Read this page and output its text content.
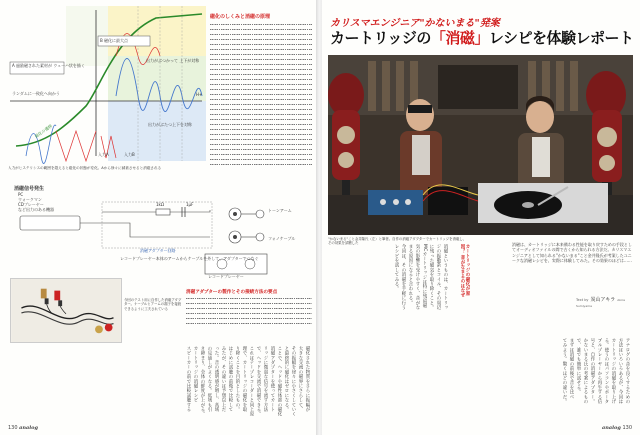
A 過励磁された素材が ウェーハ状を描く
B 磁化に最大点
ランダムに一致化へ向かう
出力がぶつかって 上下が対称
出力がぶたつ上下を対称
H+
入力A	入力B
磁化の遷移
磁化のしくみと消磁の原理
入力がヒステリシスの範囲を超えると磁化の状態が変化。Aから徐々に減衰させると消磁される
消磁信号発生
PC
ウォークマン
CDプレーヤー
など出力のある機器
1kΩ	1μF
トーンアーム
フォノケーブル
消磁アダプター回路
レコードプレーヤー
レコードプレーヤー本体のアームからケーブルを外して、アダプターでつなぐ
今回のテスト用に自作した消磁アダプター。ケーブルとアームの端子を接続できるように工夫されている
消磁アダプターの製作とその接続方法の要点
磁化された物質をさらに振幅が
大きな交流の磁界にさらして、
その振幅を徐々に小さくしていく
と最終的に磁化はゼロになる。
ことで、ヘッドや磁性体部の磁化
消磁アダプターを使ってカート
リッジに微弱な信号を流す方法
で、ヘッドを交流で消磁できる。
これはテープレコーダーと同じ原
理で、カートリッジの磁化を取
り除くことを目的としたもの。
はじめに試聴の前後で比較して
みたが、その違いは予想以上だ
った。音の透明感が増し、高域
の見通しがよくなる。低域も引
き締まり、全体の鮮度が上がる。
カートリッジの消磁レシピ
スピーカーの前で比較試聴する
130 analog
カリスマエンジニア"かないまる"発案
カートリッジの「消磁」レシピを体験レポート
"かないまる"こと金井隆氏（左）と筆者。自作の消磁アダプターでカートリッジを消磁し、その効果を試聴した
カートリッジの磁化が原因？ 音がなまるのはなぜ	消磁は、カートリッジに本来備わる性能を取り戻すための手段としてオーディオファイルの間で古くから知られる方法だ。カリスマエンジニアとして知られる"かないまる"こと金井隆氏が考案したユニークな消磁レシピを、実際に体験してみた。その効果のほどは……
Text by 炭山アキラ Akira Sumiyama
消磁というものは、カートリッ
ジの振動系とコイル、その周辺
に残った磁気を取り除くこと。
MCカートリッジは特に残留磁
気の影響を受けやすく、音がな
まる原因になると言われる。
今回は、その消磁を手軽に行う
レシピを試してみる。
アナログの音を良くするための
方法はいろいろあるが、今回は
カートリッジの消磁を取り上げ
る。使うのはパソコンやポータ
ブルプレーヤーから再生する信
号と、自作の消磁アダプター。
かないまる氏の考案によるもの
で、誰でも簡単に試せる。
まずは消磁の前後で音を比べ
てみよう。驚くほどの違いだ。
analog 130
